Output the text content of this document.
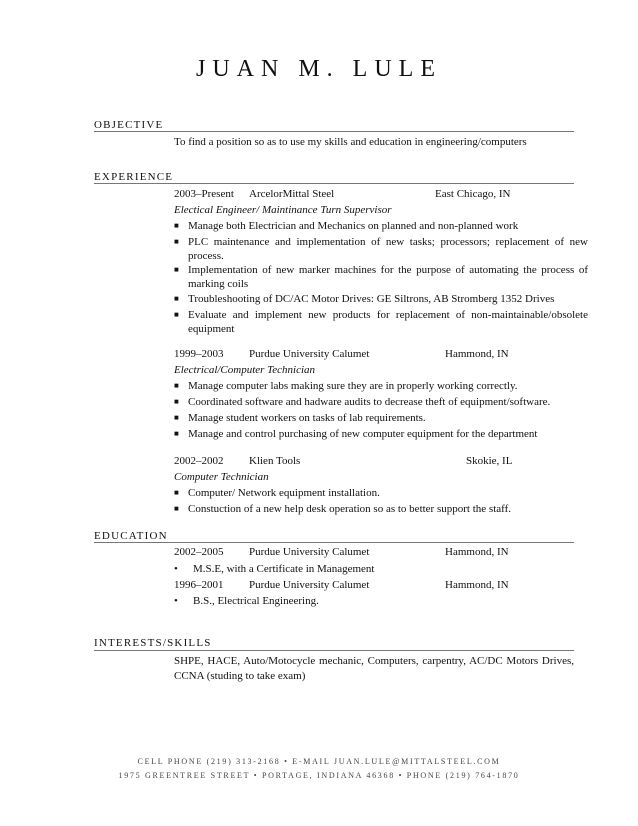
JUAN M. LULE
OBJECTIVE
To find a position so as to use my skills and education in engineering/computers
EXPERIENCE
2003–Present ArcelorMittal Steel	East Chicago, IN
Electical Engineer/ Maintinance Turn Supervisor
■ Manage both Electrician and Mechanics on planned and non-planned work
■ PLC maintenance and implementation of new tasks; processors; replacement of new process.
■ Implementation of new marker machines for the purpose of automating the process of marking coils
■ Troubleshooting of DC/AC Motor Drives: GE Siltrons, AB Stromberg 1352 Drives
■ Evaluate and implement new products for replacement of non-maintainable/obsolete equipment
1999–2003 Purdue University Calumet	Hammond, IN
Electrical/Computer Technician
■ Manage computer labs making sure they are in properly working correctly.
■ Coordinated software and hadware audits to decrease theft of equipment/software.
■ Manage student workers on tasks of lab requirements.
■ Manage and control purchasing of new computer equipment for the department
2002–2002 Klien Tools	Skokie, IL
Computer Technician
■ Computer/ Network equipment installation.
■ Constuction of a new help desk operation so as to better support the staff.
EDUCATION
2002–2005 Purdue University Calumet	Hammond, IN
• M.S.E, with a Certificate in Management
1996–2001 Purdue University Calumet	Hammond, IN
• B.S., Electrical Engineering.
INTERESTS/SKILLS
SHPE, HACE, Auto/Motocycle mechanic, Computers, carpentry, AC/DC Motors Drives, CCNA (studing to take exam)
CELL PHONE (219) 313-2168 • E-MAIL JUAN.LULE@MITTALSTEEL.COM
1975 GREENTREE STREET • PORTAGE, INDIANA 46368 • PHONE (219) 764-1870
